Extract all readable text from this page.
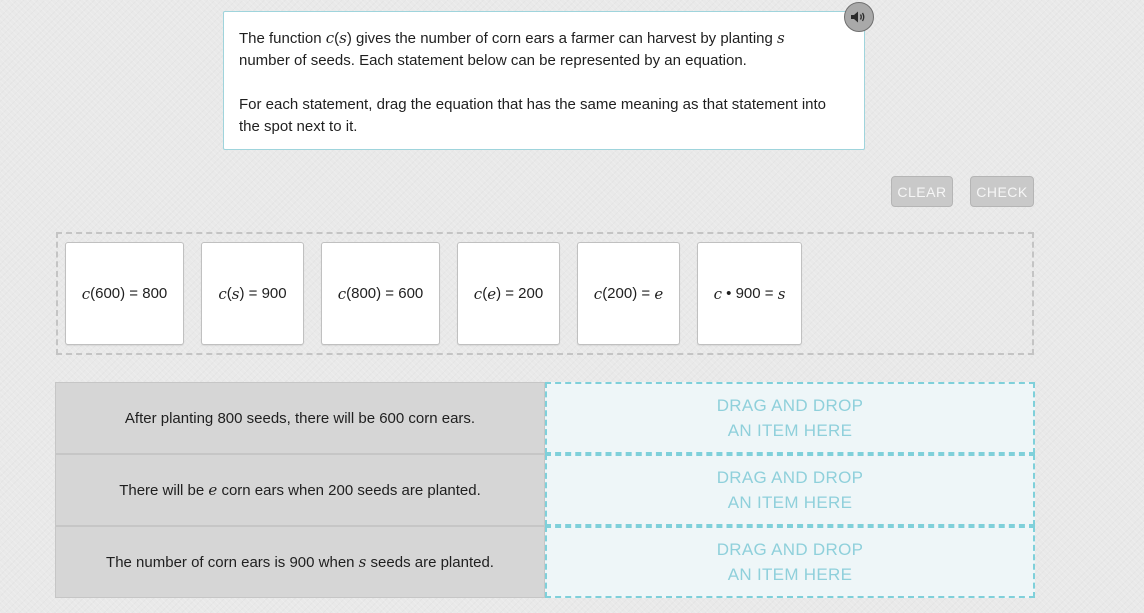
The function c(s) gives the number of corn ears a farmer can harvest by planting s number of seeds. Each statement below can be represented by an equation.

For each statement, drag the equation that has the same meaning as that statement into the spot next to it.

CLEAR	CHECK
c (600) = 800	c ( s ) = 900	c (800) = 600	c ( e ) = 200	c (200) = e	c • 900 = s
After planting 800 seeds, there will be 600 corn ears.
DRAG AND DROP
AN ITEM HERE
There will be e corn ears when 200 seeds are planted.
DRAG AND DROP
AN ITEM HERE
The number of corn ears is 900 when s seeds are planted.
DRAG AND DROP
AN ITEM HERE
